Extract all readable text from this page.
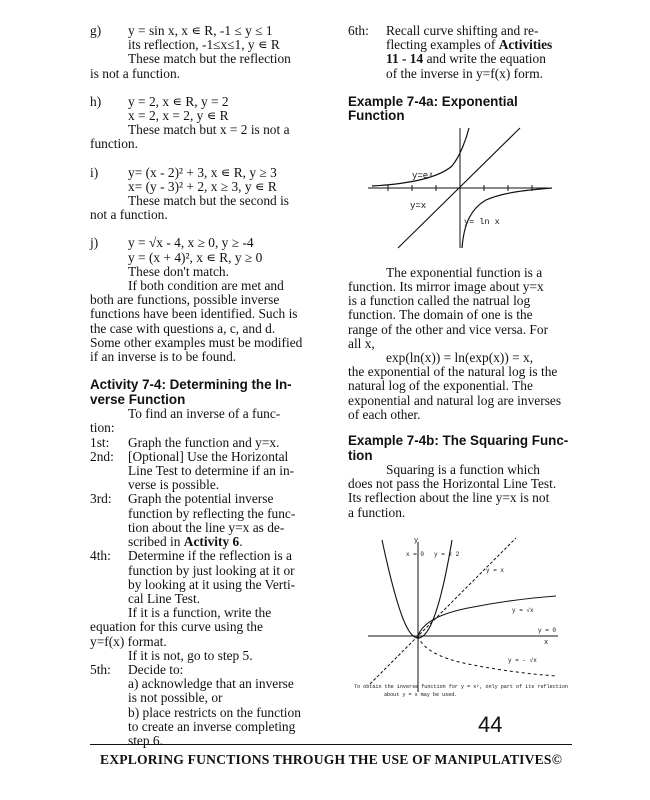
g)	y = sin x, x ∊ R, -1 ≤ y ≤ 1
its reflection, -1≤x≤1, y ∊ R
These match but the reflection
is not a function.
h)	y = 2, x ∊ R, y = 2
x = 2, x = 2, y ∊ R
These match but x = 2 is not a
function.
i)	y= (x - 2)² + 3, x ∊ R, y ≥ 3
x= (y - 3)² + 2, x ≥ 3, y ∊ R
These match but the second is
not a function.
j)	y = √x - 4, x ≥ 0, y ≥ -4
y = (x + 4)², x ∊ R, y ≥ 0
These don't match.
If both condition are met and
both are functions, possible inverse
functions have been identified. Such is
the case with questions a, c, and d.
Some other examples must be modified
if an inverse is to be found.
Activity 7-4: Determining the In-
verse Function
To find an inverse of a func-
tion:
1st:	Graph the function and y=x.
2nd:	[Optional] Use the Horizontal
Line Test to determine if an in-
verse is possible.
3rd:	Graph the potential inverse
function by reflecting the func-
tion about the line y=x as de-
scribed in Activity 6.
4th:	Determine if the reflection is a
function by just looking at it or
by looking at it using the Verti-
cal Line Test.
If it is a function, write the
equation for this curve using the
y=f(x) format.
If it is not, go to step 5.
5th:	Decide to:
a) acknowledge that an inverse
is not possible, or
b) place restricts on the function
to create an inverse completing
step 6.
6th:	Recall curve shifting and re-
flecting examples of Activities
11 - 14 and write the equation
of the inverse in y=f(x) form.
Example 7-4a: Exponential Function
y=eˣ
y=x
y= ln x
The exponential function is a
function. Its mirror image about y=x
is a function called the natrual log
function. The domain of one is the
range of the other and vice versa. For
all x,
exp(ln(x)) = ln(exp(x)) = x,
the exponential of the natural log is the
natural log of the exponential. The
exponential and natural log are inverses
of each other.
Example 7-4b: The Squaring Func-
tion
Squaring is a function which
does not pass the Horizontal Line Test.
Its reflection about the line y=x is not
a function.
y
x = 0 y = x 2
y = x
y = √x
y = 0
x
y = - √x
To obtain the inverse function for y = x², only part of its reflection
about y = x may be used.
44
EXPLORING FUNCTIONS THROUGH THE USE OF MANIPULATIVES©
